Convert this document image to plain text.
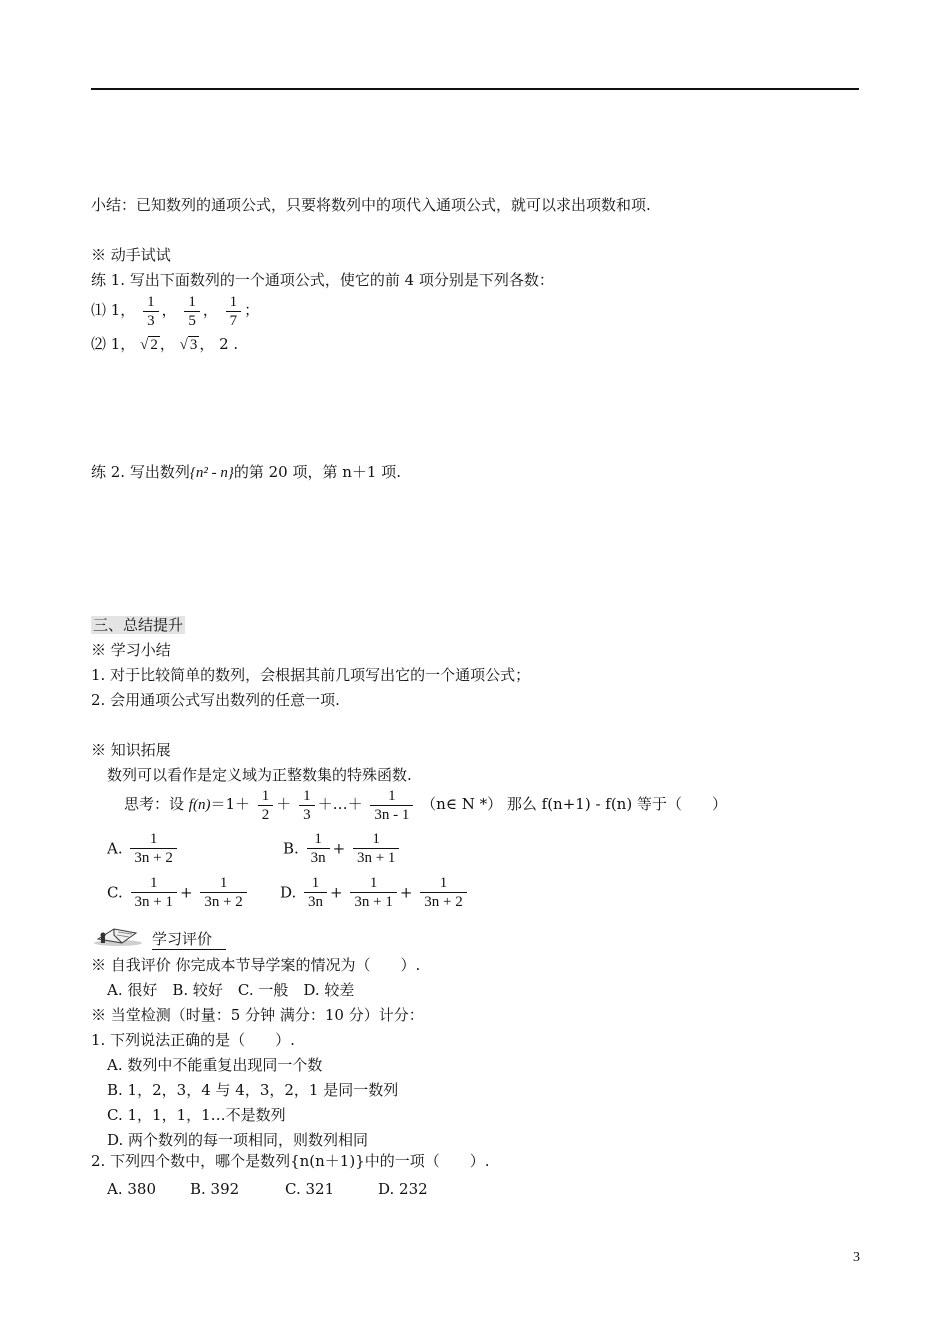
小结：已知数列的通项公式，只要将数列中的项代入通项公式，就可以求出项数和项.
※ 动手试试
练 1. 写出下面数列的一个通项公式，使它的前 4 项分别是下列各数：
⑴ 1， $\frac{1}{3}$ ， $\frac{1}{5}$ ， $\frac{1}{7}$ ；
⑵ 1， √ 2 ， √ 3 ， 2 .
练 2. 写出数列{n² - n}的第 20 项，第 n＋1 项.
三、总结提升
※ 学习小结
1. 对于比较简单的数列，会根据其前几项写出它的一个通项公式；
2. 会用通项公式写出数列的任意一项.
※ 知识拓展
数列可以看作是定义域为正整数集的特殊函数.
思考：设 $f(n)=1+ \frac{1}{2} + \frac{1}{3}$ ＋…＋ $\frac{1}{3n - 1}$ （n∈ N *） 那么 f(n+1) - f(n) 等于（　　）
A. $\frac{1}{3n + 2}$	B. $\frac{1}{3n} + \frac{1}{3n + 1}$
C. $\frac{1}{3n + 1} + \frac{1}{3n + 2} D$. $\frac{1}{3n} + \frac{1}{3n + 1} + \frac{1}{3n + 2}$
学习评价
※ 自我评价 你完成本节导学案的情况为（　　）.
A. 很好　B. 较好　C. 一般　D. 较差
※ 当堂检测（时量：5 分钟 满分：10 分）计分：
1. 下列说法正确的是（　　）.
A. 数列中不能重复出现同一个数
B. 1，2，3，4 与 4，3，2，1 是同一数列
C. 1，1，1，1…不是数列
D. 两个数列的每一项相同，则数列相同
2. 下列四个数中，哪个是数列{n(n＋1)}中的一项（　　）.
A. 380 B. 392	C. 321	D. 232
3
